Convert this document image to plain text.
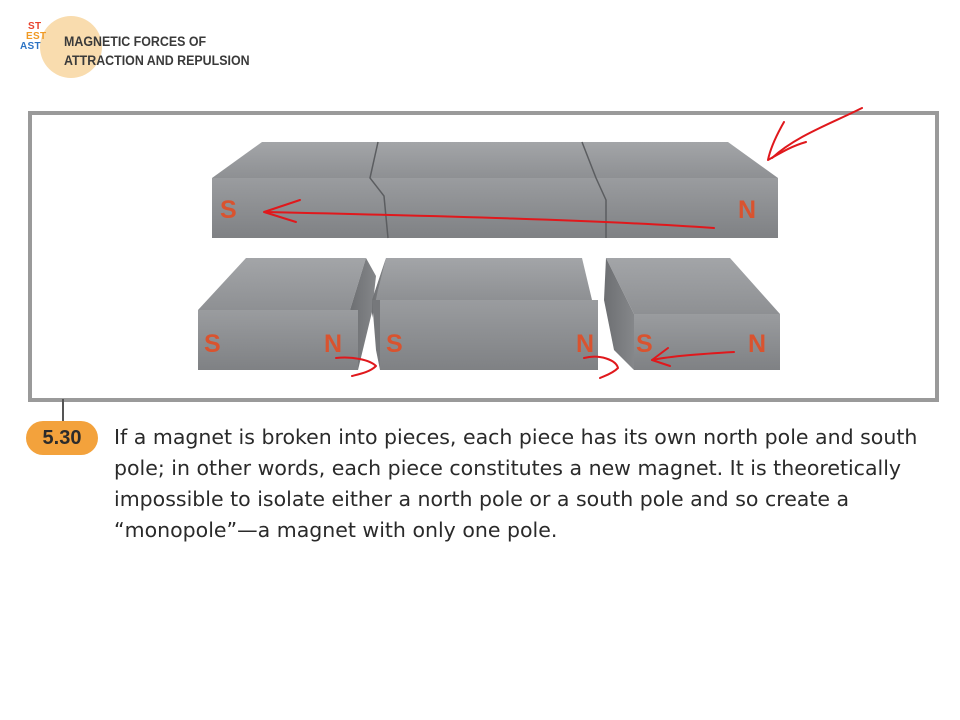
ST
EST
AST	MAGNETIC FORCES OF
ATTRACTION AND REPULSION
S	N
S	N S	N S	N
5.30	If a magnet is broken into pieces, each piece has its own north pole and south pole; in other words, each piece constitutes a new magnet. It is theoretically impossible to isolate either a north pole or a south pole and so create a “monopole”—a magnet with only one pole.
